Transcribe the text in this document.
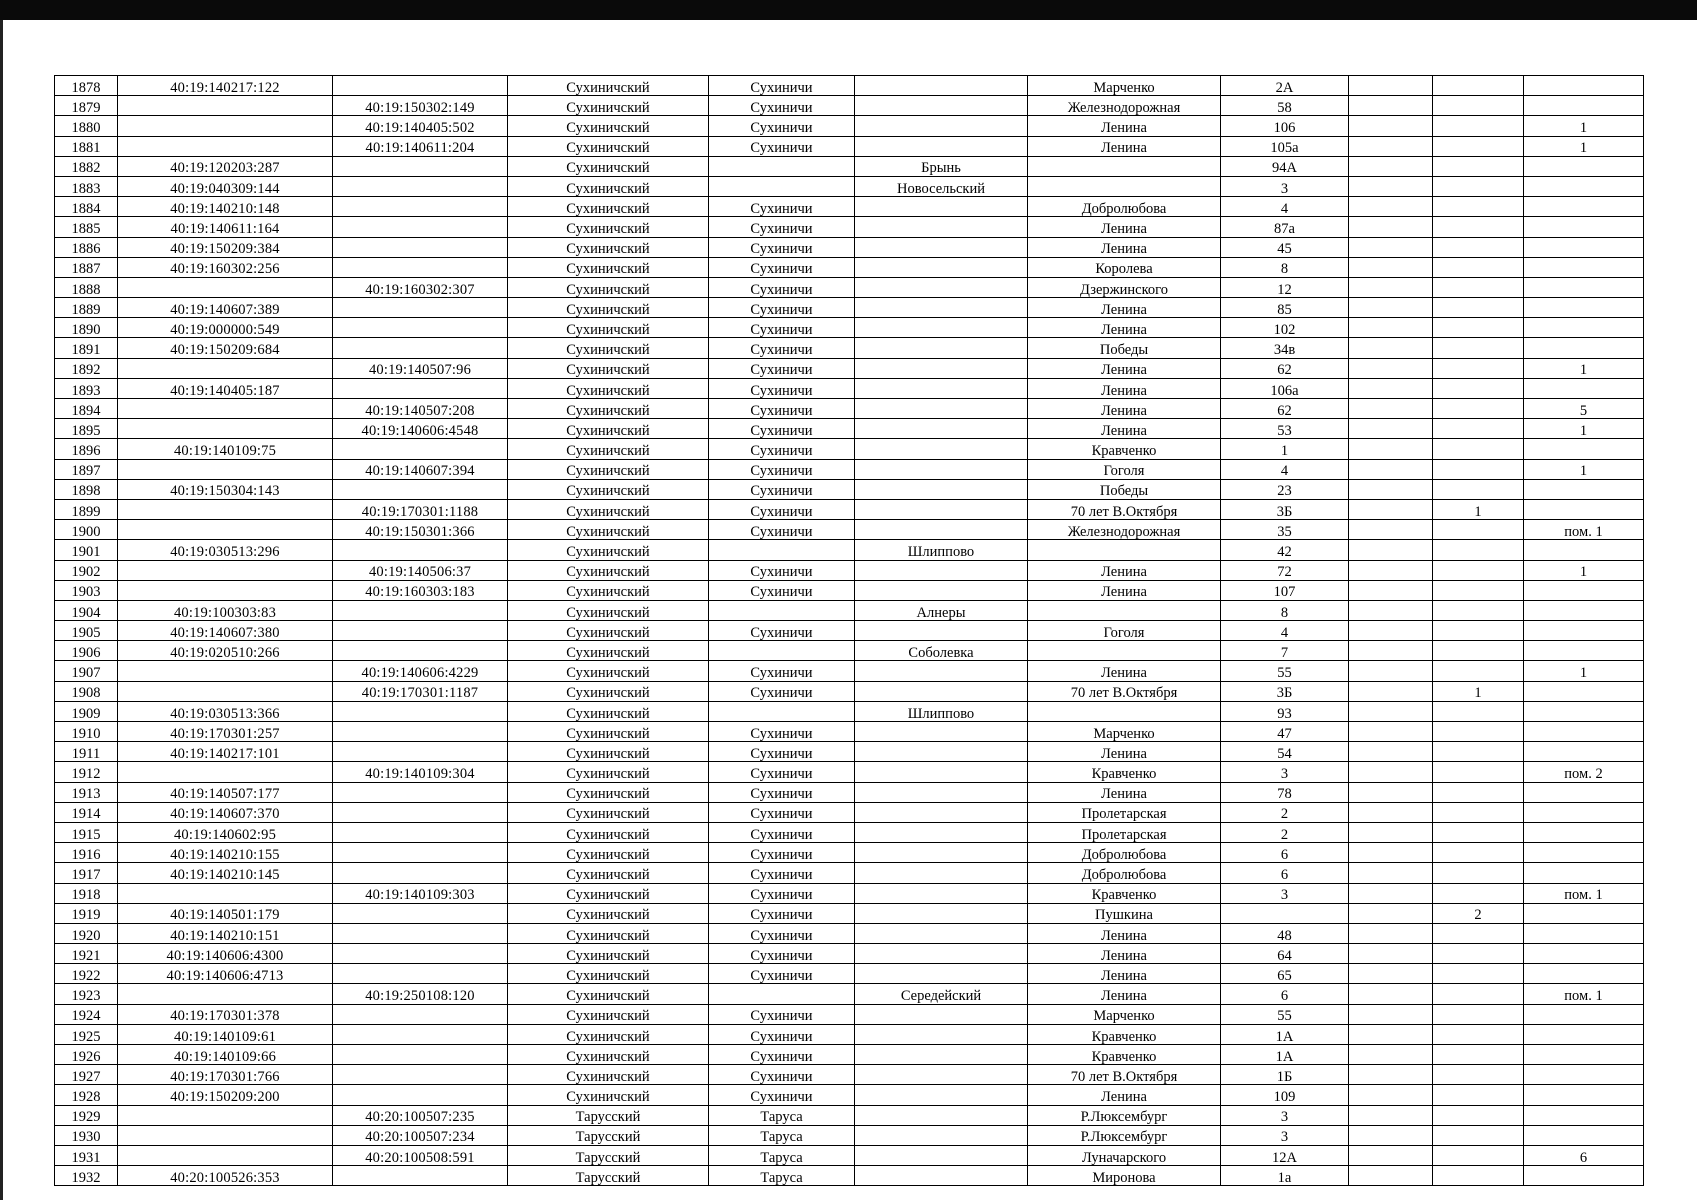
1878	40:19:140217:122		Сухиничский	Сухиничи		Марченко	2А			
1879		40:19:150302:149	Сухиничский	Сухиничи		Железнодорожная	58			
1880		40:19:140405:502	Сухиничский	Сухиничи		Ленина	106			1
1881		40:19:140611:204	Сухиничский	Сухиничи		Ленина	105а			1
1882	40:19:120203:287		Сухиничский		Брынь		94А			
1883	40:19:040309:144		Сухиничский		Новосельский		3			
1884	40:19:140210:148		Сухиничский	Сухиничи		Добролюбова	4			
1885	40:19:140611:164		Сухиничский	Сухиничи		Ленина	87а			
1886	40:19:150209:384		Сухиничский	Сухиничи		Ленина	45			
1887	40:19:160302:256		Сухиничский	Сухиничи		Королева	8			
1888		40:19:160302:307	Сухиничский	Сухиничи		Дзержинского	12			
1889	40:19:140607:389		Сухиничский	Сухиничи		Ленина	85			
1890	40:19:000000:549		Сухиничский	Сухиничи		Ленина	102			
1891	40:19:150209:684		Сухиничский	Сухиничи		Победы	34в			
1892		40:19:140507:96	Сухиничский	Сухиничи		Ленина	62			1
1893	40:19:140405:187		Сухиничский	Сухиничи		Ленина	106а			
1894		40:19:140507:208	Сухиничский	Сухиничи		Ленина	62			5
1895		40:19:140606:4548	Сухиничский	Сухиничи		Ленина	53			1
1896	40:19:140109:75		Сухиничский	Сухиничи		Кравченко	1			
1897		40:19:140607:394	Сухиничский	Сухиничи		Гоголя	4			1
1898	40:19:150304:143		Сухиничский	Сухиничи		Победы	23			
1899		40:19:170301:1188	Сухиничский	Сухиничи		70 лет В.Октября	3Б		1	
1900		40:19:150301:366	Сухиничский	Сухиничи		Железнодорожная	35			пом. 1
1901	40:19:030513:296		Сухиничский		Шлиппово		42			
1902		40:19:140506:37	Сухиничский	Сухиничи		Ленина	72			1
1903		40:19:160303:183	Сухиничский	Сухиничи		Ленина	107			
1904	40:19:100303:83		Сухиничский		Алнеры		8			
1905	40:19:140607:380		Сухиничский	Сухиничи		Гоголя	4			
1906	40:19:020510:266		Сухиничский		Соболевка		7			
1907		40:19:140606:4229	Сухиничский	Сухиничи		Ленина	55			1
1908		40:19:170301:1187	Сухиничский	Сухиничи		70 лет В.Октября	3Б		1	
1909	40:19:030513:366		Сухиничский		Шлиппово		93			
1910	40:19:170301:257		Сухиничский	Сухиничи		Марченко	47			
1911	40:19:140217:101		Сухиничский	Сухиничи		Ленина	54			
1912		40:19:140109:304	Сухиничский	Сухиничи		Кравченко	3			пом. 2
1913	40:19:140507:177		Сухиничский	Сухиничи		Ленина	78			
1914	40:19:140607:370		Сухиничский	Сухиничи		Пролетарская	2			
1915	40:19:140602:95		Сухиничский	Сухиничи		Пролетарская	2			
1916	40:19:140210:155		Сухиничский	Сухиничи		Добролюбова	6			
1917	40:19:140210:145		Сухиничский	Сухиничи		Добролюбова	6			
1918		40:19:140109:303	Сухиничский	Сухиничи		Кравченко	3			пом. 1
1919	40:19:140501:179		Сухиничский	Сухиничи		Пушкина			2	
1920	40:19:140210:151		Сухиничский	Сухиничи		Ленина	48			
1921	40:19:140606:4300		Сухиничский	Сухиничи		Ленина	64			
1922	40:19:140606:4713		Сухиничский	Сухиничи		Ленина	65			
1923		40:19:250108:120	Сухиничский		Середейский	Ленина	6			пом. 1
1924	40:19:170301:378		Сухиничский	Сухиничи		Марченко	55			
1925	40:19:140109:61		Сухиничский	Сухиничи		Кравченко	1А			
1926	40:19:140109:66		Сухиничский	Сухиничи		Кравченко	1А			
1927	40:19:170301:766		Сухиничский	Сухиничи		70 лет В.Октября	1Б			
1928	40:19:150209:200		Сухиничский	Сухиничи		Ленина	109			
1929		40:20:100507:235	Тарусский	Таруса		Р.Люксембург	3			
1930		40:20:100507:234	Тарусский	Таруса		Р.Люксембург	3			
1931		40:20:100508:591	Тарусский	Таруса		Луначарского	12А			6
1932	40:20:100526:353		Тарусский	Таруса		Миронова	1а			
